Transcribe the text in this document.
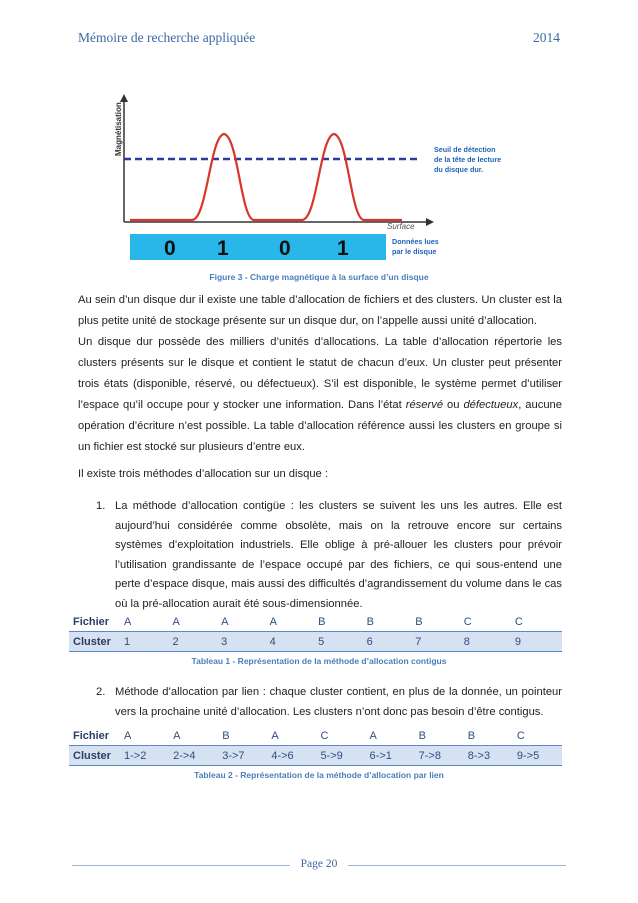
Mémoire de recherche appliquée	2014
Magnétisation
Surface
Seuil de détection
de la tête de lecture
du disque dur.
0 1 0 1	Données lues
par le disque
Figure 3 - Charge magnétique à la surface d’un disque
Au sein d’un disque dur il existe une table d’allocation de fichiers et des clusters. Un cluster est la plus petite unité de stockage présente sur un disque dur, on l’appelle aussi unité d’allocation.
Un disque dur possède des milliers d’unités d’allocations. La table d’allocation répertorie les clusters présents sur le disque et contient le statut de chacun d’eux. Un cluster peut présenter trois états (disponible, réservé, ou défectueux). S’il est disponible, le système permet d’utiliser l’espace qu’il occupe pour y stocker une information. Dans l’état réservé ou défectueux, aucune opération d’écriture n’est possible. La table d’allocation référence aussi les clusters en groupe si un fichier est stocké sur plusieurs d’entre eux.
Il existe trois méthodes d’allocation sur un disque :
1. La méthode d’allocation contigüe : les clusters se suivent les uns les autres. Elle est aujourd’hui considérée comme obsolète, mais on la retrouve encore sur certains systèmes d’exploitation industriels. Elle oblige à pré-allouer les clusters pour prévoir l’utilisation grandissante de l’espace occupé par des fichiers, ce qui sous-entend une perte d’espace disque, mais aussi des difficultés d’agrandissement du volume dans le cas où la pré-allocation aurait été sous-dimensionnée.
Fichier	A	A	A	A	B	B	B	C	C
Cluster	1	2	3	4	5	6	7	8	9
Tableau 1 - Représentation de la méthode d’allocation contigus
2. Méthode d’allocation par lien : chaque cluster contient, en plus de la donnée, un pointeur vers la prochaine unité d’allocation. Les clusters n’ont donc pas besoin d’être contigus.
Fichier	A	A	B	A	C	A	B	B	C
Cluster	1->2	2->4	3->7	4->6	5->9	6->1	7->8	8->3	9->5
Tableau 2 - Représentation de la méthode d’allocation par lien
Page 20
